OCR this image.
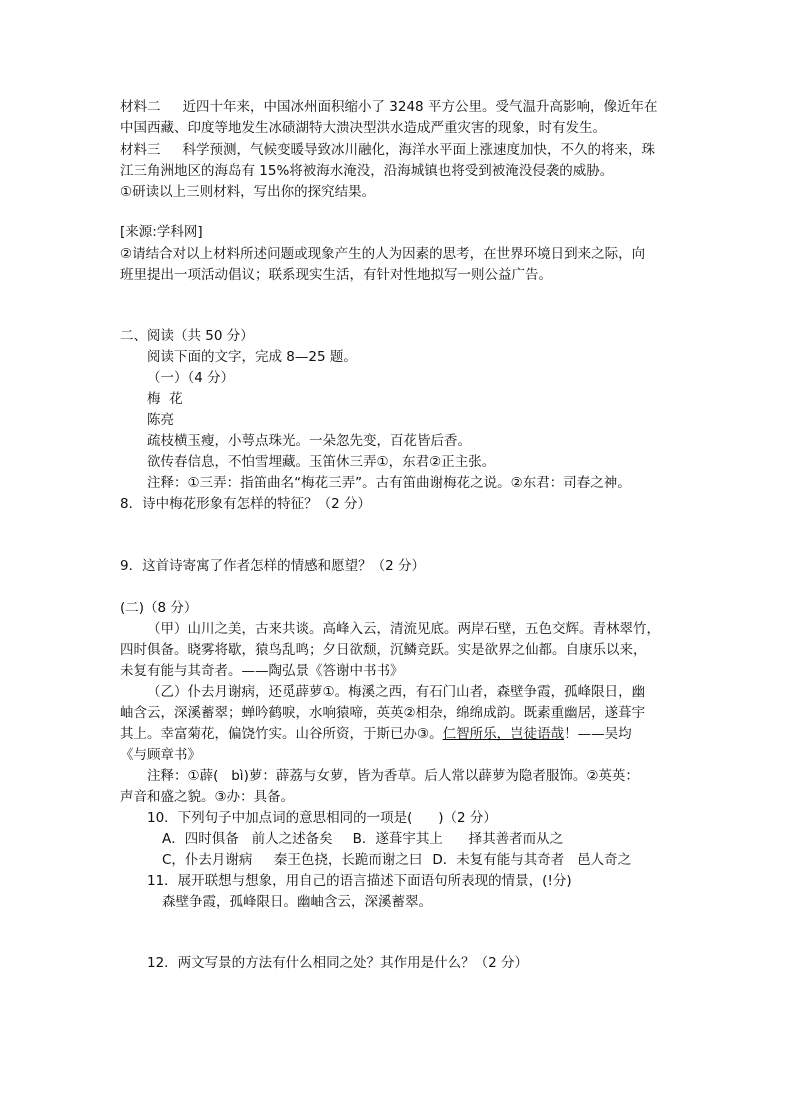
材料二 近四十年来，中国冰州面积缩小了 3248 平方公里。受气温升高影响，像近年在
中国西藏、印度等地发生冰碛湖特大溃决型洪水造成严重灾害的现象，时有发生。
材料三 科学预测，气候变暖导致冰川融化，海洋水平面上涨速度加快，不久的将来，珠
江三角洲地区的海岛有 15%将被海水淹没，沿海城镇也将受到被淹没侵袭的威胁。
①研读以上三则材料，写出你的探究结果。
[来源:学科网]
②请结合对以上材料所述问题或现象产生的人为因素的思考，在世界环境日到来之际，向
班里提出一项活动倡议；联系现实生活，有针对性地拟写一则公益广告。
二、阅读（共 50 分）
阅读下面的文字，完成 8—25 题。
（一）（4 分）
梅  花
陈亮
疏枝横玉瘦，小萼点珠光。一朵忽先变，百花皆后香。
欲传春信息，不怕雪埋藏。玉笛休三弄①，东君②正主张。
注释：①三弄：指笛曲名“梅花三弄”。古有笛曲谢梅花之说。②东君：司春之神。
8．诗中梅花形象有怎样的特征？（2 分）
9．这首诗寄寓了作者怎样的情感和愿望？（2 分）
(二)（8 分）
（甲）山川之美，古来共谈。高峰入云，清流见底。两岸石壁，五色交辉。青林翠竹，
四时俱备。晓雾将歇，猿鸟乱鸣；夕日欲颓，沉鳞竞跃。实是欲界之仙都。自康乐以来，
未复有能与其奇者。——陶弘景《答谢中书书》
（乙）仆去月谢病，还觅薜萝①。梅溪之西，有石门山者，森壁争霞，孤峰限日，幽
岫含云，深溪蓄翠；蝉吟鹤唳，水响猿啼，英英②相杂，绵绵成韵。既素重幽居，遂葺宇
其上。幸富菊花，偏饶竹实。山谷所资，于斯已办③。仁智所乐，岂徒语哉！——吴均
《与顾章书》
注释：①薜(   bì)萝：薜荔与女萝，皆为香草。后人常以薜萝为隐者服饰。②英英：
声音和盛之貌。③办：具备。
10．下列句子中加点词的意思相同的一项是(      )（2 分）
A．四时俱备   前人之述备矣 B．遂葺宇其上      择其善者而从之
C，仆去月谢病     秦王色挠，长跪而谢之曰 D．未复有能与其奇者   邑人奇之
11．展开联想与想象，用自己的语言描述下面语句所表现的情景，(!分)
森壁争霞，孤峰限日。幽岫含云，深溪蓄翠。
12．两文写景的方法有什么相同之处？其作用是什么？（2 分）
